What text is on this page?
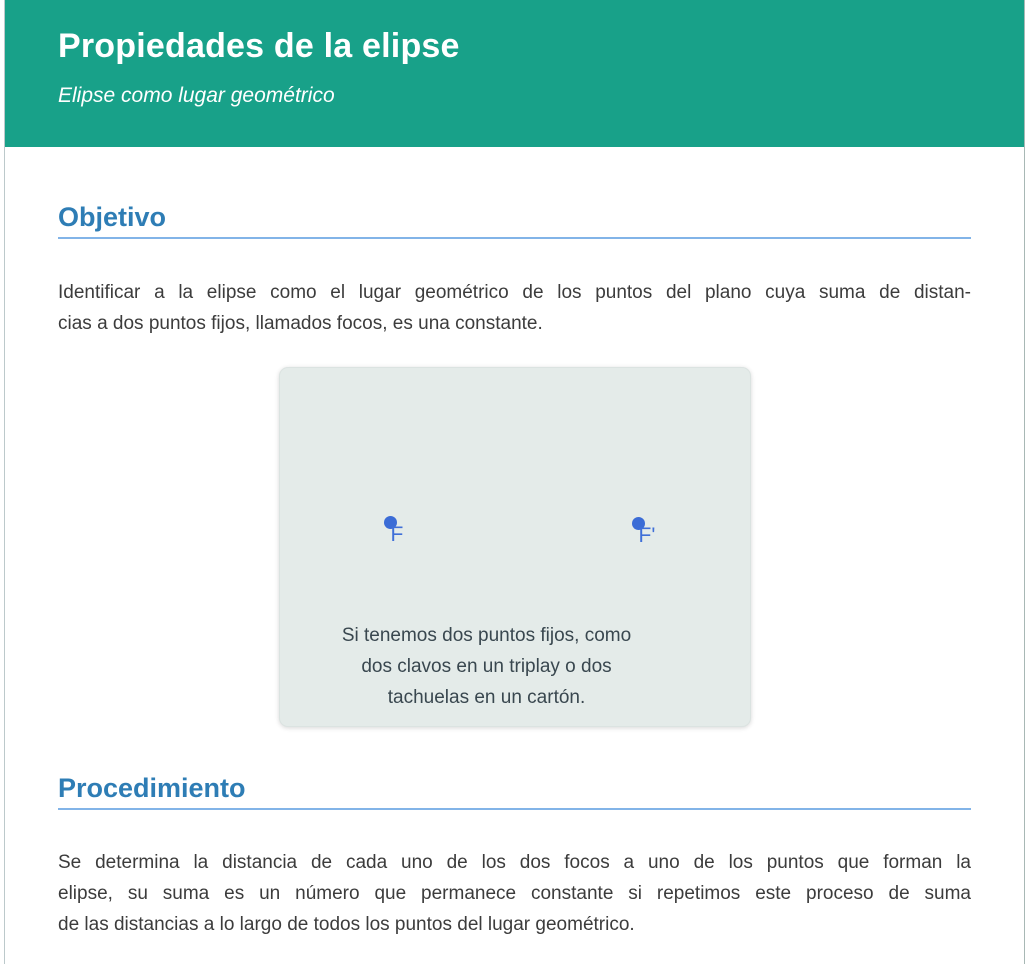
Propiedades de la elipse
Elipse como lugar geométrico
Objetivo
Identificar a la elipse como el lugar geométrico de los puntos del plano cuya suma de distan-
cias a dos puntos fijos, llamados focos, es una constante.
F	F'
Si tenemos dos puntos fijos, como
dos clavos en un triplay o dos
tachuelas en un cartón.
Procedimiento
Se determina la distancia de cada uno de los dos focos a uno de los puntos que forman la
elipse, su suma es un número que permanece constante si repetimos este proceso de suma
de las distancias a lo largo de todos los puntos del lugar geométrico.
